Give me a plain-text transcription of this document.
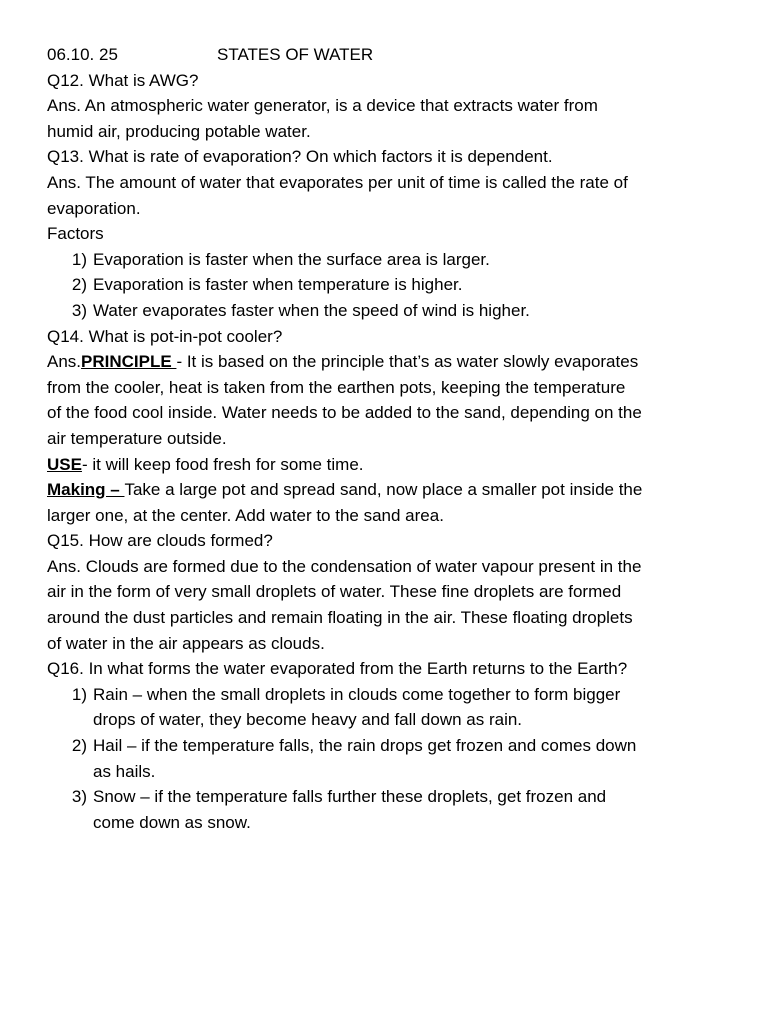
06.10. 25	STATES OF WATER
Q12. What is AWG?
Ans. An atmospheric water generator, is a device that extracts water from
humid air, producing potable water.
Q13. What is rate of evaporation? On which factors it is dependent.
Ans. The amount of water that evaporates per unit of time is called the rate of
evaporation.
Factors
1) Evaporation is faster when the surface area is larger.
2) Evaporation is faster when temperature is higher.
3) Water evaporates faster when the speed of wind is higher.
Q14. What is pot-in-pot cooler?
Ans.PRINCIPLE - It is based on the principle that’s as water slowly evaporates
from the cooler, heat is taken from the earthen pots, keeping the temperature
of the food cool inside. Water needs to be added to the sand, depending on the
air temperature outside.
USE- it will keep food fresh for some time.
Making – Take a large pot and spread sand, now place a smaller pot inside the
larger one, at the center. Add water to the sand area.
Q15. How are clouds formed?
Ans. Clouds are formed due to the condensation of water vapour present in the
air in the form of very small droplets of water. These fine droplets are formed
around the dust particles and remain floating in the air. These floating droplets
of water in the air appears as clouds.
Q16. In what forms the water evaporated from the Earth returns to the Earth?
1) Rain – when the small droplets in clouds come together to form bigger
drops of water, they become heavy and fall down as rain.
2) Hail – if the temperature falls, the rain drops get frozen and comes down
as hails.
3) Snow – if the temperature falls further these droplets, get frozen and
come down as snow.
